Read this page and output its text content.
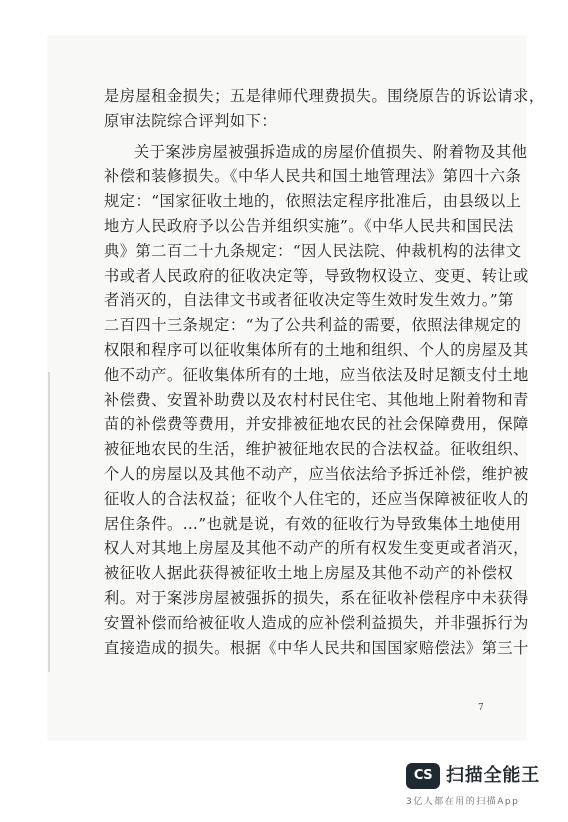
是房屋租金损失；五是律师代理费损失。围绕原告的诉讼请求，
原审法院综合评判如下：
关于案涉房屋被强拆造成的房屋价值损失、附着物及其他
补偿和装修损失。《中华人民共和国土地管理法》第四十六条
规定：“国家征收土地的，依照法定程序批准后，由县级以上
地方人民政府予以公告并组织实施”。《中华人民共和国民法
典》第二百二十九条规定：“因人民法院、仲裁机构的法律文
书或者人民政府的征收决定等，导致物权设立、变更、转让或
者消灭的，自法律文书或者征收决定等生效时发生效力。”第
二百四十三条规定：“为了公共利益的需要，依照法律规定的
权限和程序可以征收集体所有的土地和组织、个人的房屋及其
他不动产。征收集体所有的土地，应当依法及时足额支付土地
补偿费、安置补助费以及农村村民住宅、其他地上附着物和青
苗的补偿费等费用，并安排被征地农民的社会保障费用，保障
被征地农民的生活，维护被征地农民的合法权益。征收组织、
个人的房屋以及其他不动产，应当依法给予拆迁补偿，维护被
征收人的合法权益；征收个人住宅的，还应当保障被征收人的
居住条件。…”也就是说，有效的征收行为导致集体土地使用
权人对其地上房屋及其他不动产的所有权发生变更或者消灭，
被征收人据此获得被征收土地上房屋及其他不动产的补偿权
利。对于案涉房屋被强拆的损失，系在征收补偿程序中未获得
安置补偿而给被征收人造成的应补偿利益损失，并非强拆行为
直接造成的损失。根据《中华人民共和国国家赔偿法》第三十
7
CS 扫描全能王
3亿人都在用的扫描App
